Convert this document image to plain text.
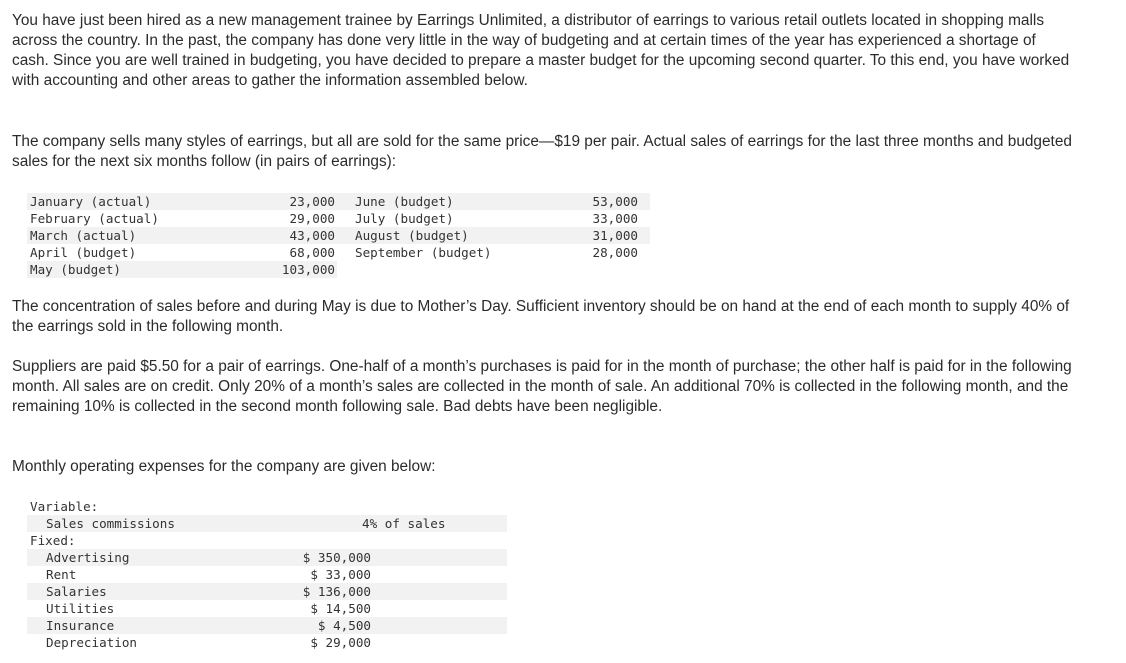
You have just been hired as a new management trainee by Earrings Unlimited, a distributor of earrings to various retail outlets located in shopping malls across the country. In the past, the company has done very little in the way of budgeting and at certain times of the year has experienced a shortage of cash. Since you are well trained in budgeting, you have decided to prepare a master budget for the upcoming second quarter. To this end, you have worked with accounting and other areas to gather the information assembled below.

The company sells many styles of earrings, but all are sold for the same price—$19 per pair. Actual sales of earrings for the last three months and budgeted sales for the next six months follow (in pairs of earrings):

January (actual)	23,000 June (budget)	53,000
February (actual)	29,000 July (budget)	33,000
March (actual)	43,000 August (budget)	31,000
April (budget)	68,000 September (budget)	28,000
May (budget)	103,000

The concentration of sales before and during May is due to Mother’s Day. Sufficient inventory should be on hand at the end of each month to supply 40% of the earrings sold in the following month.

Suppliers are paid $5.50 for a pair of earrings. One-half of a month’s purchases is paid for in the month of purchase; the other half is paid for in the following month. All sales are on credit. Only 20% of a month’s sales are collected in the month of sale. An additional 70% is collected in the following month, and the remaining 10% is collected in the second month following sale. Bad debts have been negligible.

Monthly operating expenses for the company are given below:

Variable:
Sales commissions	4% of sales
Fixed:
Advertising	$ 350,000
Rent	$ 33,000
Salaries	$ 136,000
Utilities	$ 14,500
Insurance	$ 4,500
Depreciation	$ 29,000
